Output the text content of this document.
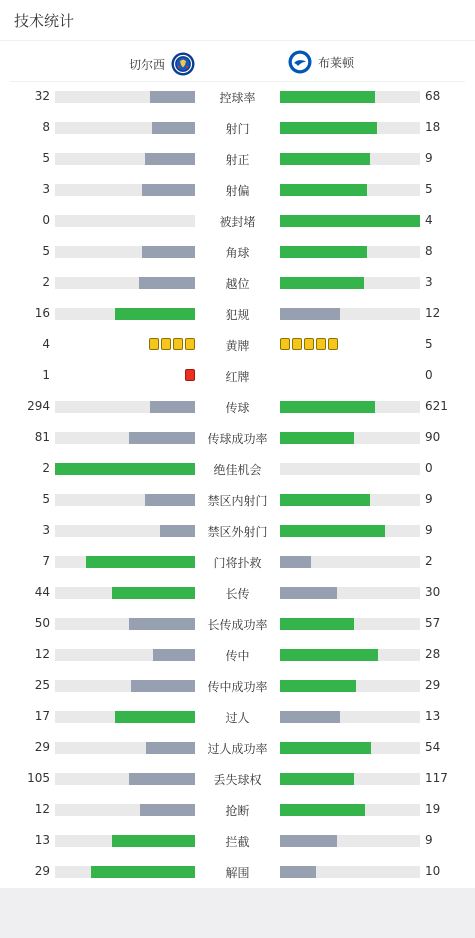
技术统计
切尔西	布莱顿
32	控球率	68
8	射门	18
5	射正	9
3	射偏	5
0	被封堵	4
5	角球	8
2	越位	3
16	犯规	12
4	黄牌	5
1	红牌	0
294	传球	621
81	传球成功率	90
2	绝佳机会	0
5	禁区内射门	9
3	禁区外射门	9
7	门将扑救	2
44	长传	30
50	长传成功率	57
12	传中	28
25	传中成功率	29
17	过人	13
29	过人成功率	54
105	丢失球权	117
12	抢断	19
13	拦截	9
29	解围	10
